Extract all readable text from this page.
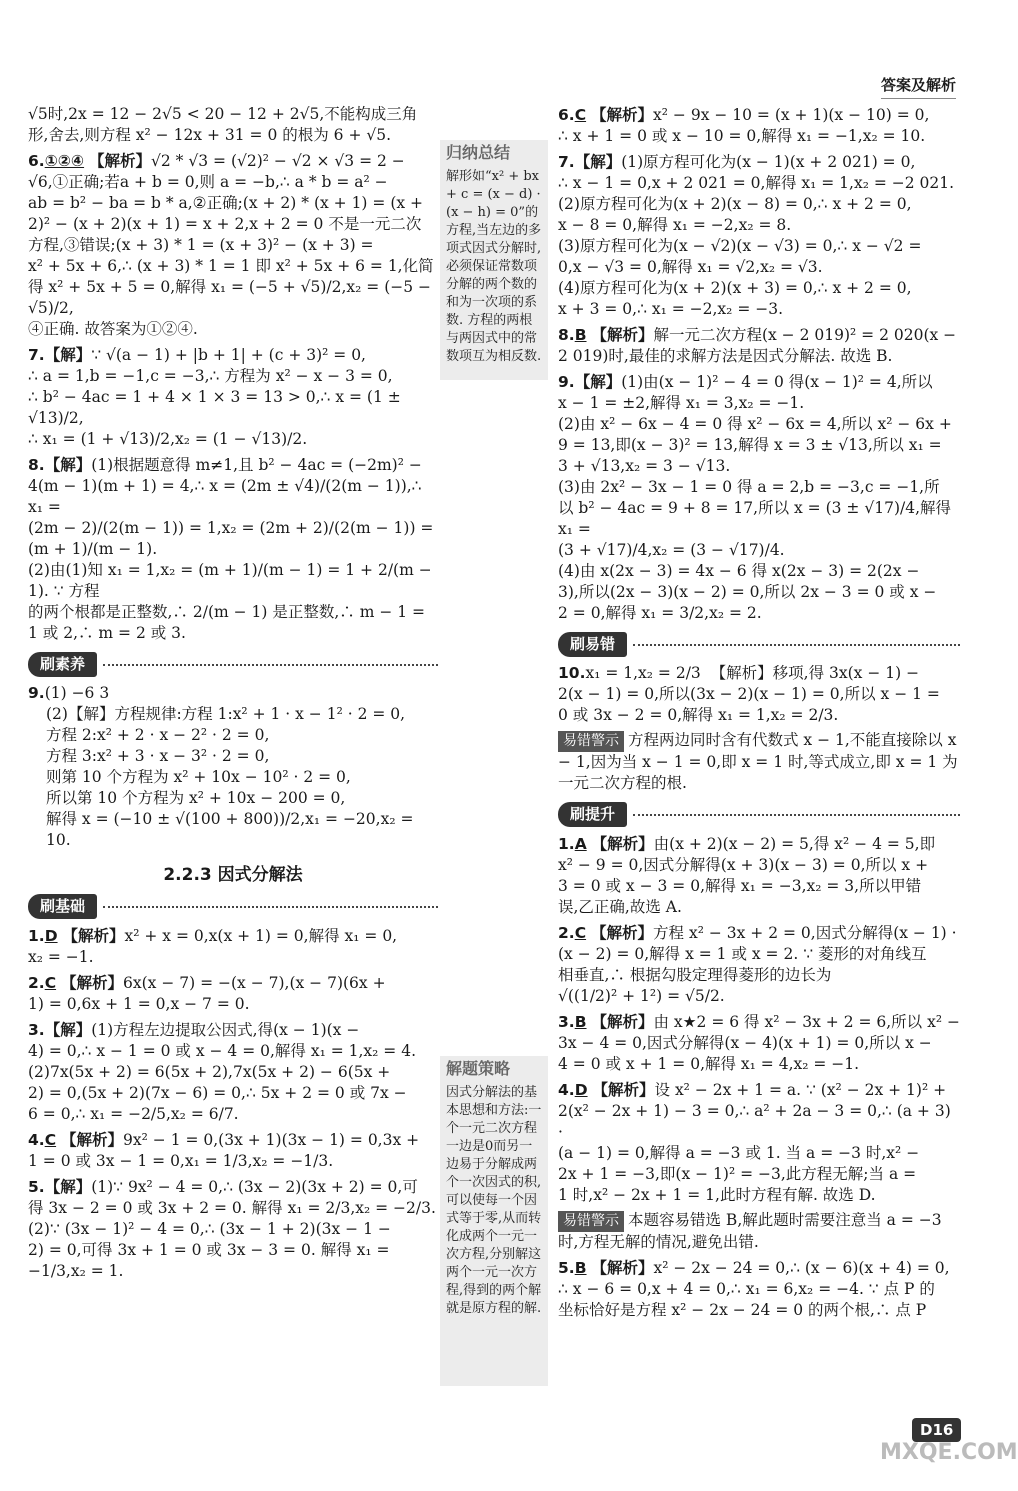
答案及解析
√5时,2x = 12 − 2√5 < 20 − 12 + 2√5,不能构成三角
形,舍去,则方程 x² − 12x + 31 = 0 的根为 6 + √5.
6.①②④ 【解析】√2 * √3 = (√2)² − √2 × √3 = 2 −
√6,①正确;若a + b = 0,则 a = −b,∴ a * b = a² −
ab = b² − ba = b * a,②正确;(x + 2) * (x + 1) = (x +
2)² − (x + 2)(x + 1) = x + 2,x + 2 = 0 不是一元二次
方程,③错误;(x + 3) * 1 = (x + 3)² − (x + 3) =
x² + 5x + 6,∴ (x + 3) * 1 = 1 即 x² + 5x + 6 = 1,化简
得 x² + 5x + 5 = 0,解得 x₁ = (−5 + √5)/2,x₂ = (−5 − √5)/2,
④正确. 故答案为①②④.
7.【解】∵ √(a − 1) + |b + 1| + (c + 3)² = 0,
∴ a = 1,b = −1,c = −3,∴ 方程为 x² − x − 3 = 0,
∴ b² − 4ac = 1 + 4 × 1 × 3 = 13 > 0,∴ x = (1 ± √13)/2,
∴ x₁ = (1 + √13)/2,x₂ = (1 − √13)/2.
8.【解】(1)根据题意得 m≠1,且 b² − 4ac = (−2m)² −
4(m − 1)(m + 1) = 4,∴ x = (2m ± √4)/(2(m − 1)),∴ x₁ =
(2m − 2)/(2(m − 1)) = 1,x₂ = (2m + 2)/(2(m − 1)) = (m + 1)/(m − 1).
(2)由(1)知 x₁ = 1,x₂ = (m + 1)/(m − 1) = 1 + 2/(m − 1). ∵ 方程
的两个根都是正整数,∴ 2/(m − 1) 是正整数,∴ m − 1 =
1 或 2,∴ m = 2 或 3.
刷素养
9.(1) −6 3
(2)【解】方程规律:方程 1:x² + 1 · x − 1² · 2 = 0,
方程 2:x² + 2 · x − 2² · 2 = 0,
方程 3:x² + 3 · x − 3² · 2 = 0,
则第 10 个方程为 x² + 10x − 10² · 2 = 0,
所以第 10 个方程为 x² + 10x − 200 = 0,
解得 x = (−10 ± √(100 + 800))/2,x₁ = −20,x₂ = 10.
2.2.3 因式分解法
刷基础
1.D 【解析】x² + x = 0,x(x + 1) = 0,解得 x₁ = 0,
x₂ = −1.
2.C 【解析】6x(x − 7) = −(x − 7),(x − 7)(6x +
1) = 0,6x + 1 = 0,x − 7 = 0.
3.【解】(1)方程左边提取公因式,得(x − 1)(x −
4) = 0,∴ x − 1 = 0 或 x − 4 = 0,解得 x₁ = 1,x₂ = 4.
(2)7x(5x + 2) = 6(5x + 2),7x(5x + 2) − 6(5x +
2) = 0,(5x + 2)(7x − 6) = 0,∴ 5x + 2 = 0 或 7x −
6 = 0,∴ x₁ = −2/5,x₂ = 6/7.
4.C 【解析】9x² − 1 = 0,(3x + 1)(3x − 1) = 0,3x +
1 = 0 或 3x − 1 = 0,x₁ = 1/3,x₂ = −1/3.
5.【解】(1)∵ 9x² − 4 = 0,∴ (3x − 2)(3x + 2) = 0,可
得 3x − 2 = 0 或 3x + 2 = 0. 解得 x₁ = 2/3,x₂ = −2/3.
(2)∵ (3x − 1)² − 4 = 0,∴ (3x − 1 + 2)(3x − 1 −
2) = 0,可得 3x + 1 = 0 或 3x − 3 = 0. 解得 x₁ =
−1/3,x₂ = 1.
归纳总结
解形如“x² + bx + c = (x − d) · (x − h) = 0”的方程,当左边的多项式因式分解时,必须保证常数项分解的两个数的和为一次项的系数. 方程的两根与两因式中的常数项互为相反数.
解题策略
因式分解法的基本思想和方法:一个一元二次方程一边是0而另一边易于分解成两个一次因式的积,可以使每一个因式等于零,从而转化成两个一元一次方程,分别解这两个一元一次方程,得到的两个解就是原方程的解.
6.C 【解析】x² − 9x − 10 = (x + 1)(x − 10) = 0,
∴ x + 1 = 0 或 x − 10 = 0,解得 x₁ = −1,x₂ = 10.
7.【解】(1)原方程可化为(x − 1)(x + 2 021) = 0,
∴ x − 1 = 0,x + 2 021 = 0,解得 x₁ = 1,x₂ = −2 021.
(2)原方程可化为(x + 2)(x − 8) = 0,∴ x + 2 = 0,
x − 8 = 0,解得 x₁ = −2,x₂ = 8.
(3)原方程可化为(x − √2)(x − √3) = 0,∴ x − √2 =
0,x − √3 = 0,解得 x₁ = √2,x₂ = √3.
(4)原方程可化为(x + 2)(x + 3) = 0,∴ x + 2 = 0,
x + 3 = 0,∴ x₁ = −2,x₂ = −3.
8.B 【解析】解一元二次方程(x − 2 019)² = 2 020(x −
2 019)时,最佳的求解方法是因式分解法. 故选 B.
9.【解】(1)由(x − 1)² − 4 = 0 得(x − 1)² = 4,所以
x − 1 = ±2,解得 x₁ = 3,x₂ = −1.
(2)由 x² − 6x − 4 = 0 得 x² − 6x = 4,所以 x² − 6x +
9 = 13,即(x − 3)² = 13,解得 x = 3 ± √13,所以 x₁ =
3 + √13,x₂ = 3 − √13.
(3)由 2x² − 3x − 1 = 0 得 a = 2,b = −3,c = −1,所
以 b² − 4ac = 9 + 8 = 17,所以 x = (3 ± √17)/4,解得 x₁ =
(3 + √17)/4,x₂ = (3 − √17)/4.
(4)由 x(2x − 3) = 4x − 6 得 x(2x − 3) = 2(2x −
3),所以(2x − 3)(x − 2) = 0,所以 2x − 3 = 0 或 x −
2 = 0,解得 x₁ = 3/2,x₂ = 2.
刷易错
10.x₁ = 1,x₂ = 2/3  【解析】移项,得 3x(x − 1) −
2(x − 1) = 0,所以(3x − 2)(x − 1) = 0,所以 x − 1 =
0 或 3x − 2 = 0,解得 x₁ = 1,x₂ = 2/3.
易错警示 方程两边同时含有代数式 x − 1,不能直接除以 x − 1,因为当 x − 1 = 0,即 x = 1 时,等式成立,即 x = 1 为一元二次方程的根.
刷提升
1.A 【解析】由(x + 2)(x − 2) = 5,得 x² − 4 = 5,即
x² − 9 = 0,因式分解得(x + 3)(x − 3) = 0,所以 x +
3 = 0 或 x − 3 = 0,解得 x₁ = −3,x₂ = 3,所以甲错
误,乙正确,故选 A.
2.C 【解析】方程 x² − 3x + 2 = 0,因式分解得(x − 1) ·
(x − 2) = 0,解得 x = 1 或 x = 2. ∵ 菱形的对角线互
相垂直,∴ 根据勾股定理得菱形的边长为
√((1/2)² + 1²) = √5/2.
3.B 【解析】由 x★2 = 6 得 x² − 3x + 2 = 6,所以 x² −
3x − 4 = 0,因式分解得(x − 4)(x + 1) = 0,所以 x −
4 = 0 或 x + 1 = 0,解得 x₁ = 4,x₂ = −1.
4.D 【解析】设 x² − 2x + 1 = a. ∵ (x² − 2x + 1)² +
2(x² − 2x + 1) − 3 = 0,∴ a² + 2a − 3 = 0,∴ (a + 3) ·
(a − 1) = 0,解得 a = −3 或 1. 当 a = −3 时,x² −
2x + 1 = −3,即(x − 1)² = −3,此方程无解;当 a =
1 时,x² − 2x + 1 = 1,此时方程有解. 故选 D.
易错警示 本题容易错选 B,解此题时需要注意当 a = −3 时,方程无解的情况,避免出错.
5.B 【解析】x² − 2x − 24 = 0,∴ (x − 6)(x + 4) = 0,
∴ x − 6 = 0,x + 4 = 0,∴ x₁ = 6,x₂ = −4. ∵ 点 P 的
坐标恰好是方程 x² − 2x − 24 = 0 的两个根,∴ 点 P
D16
MXQE.COM
